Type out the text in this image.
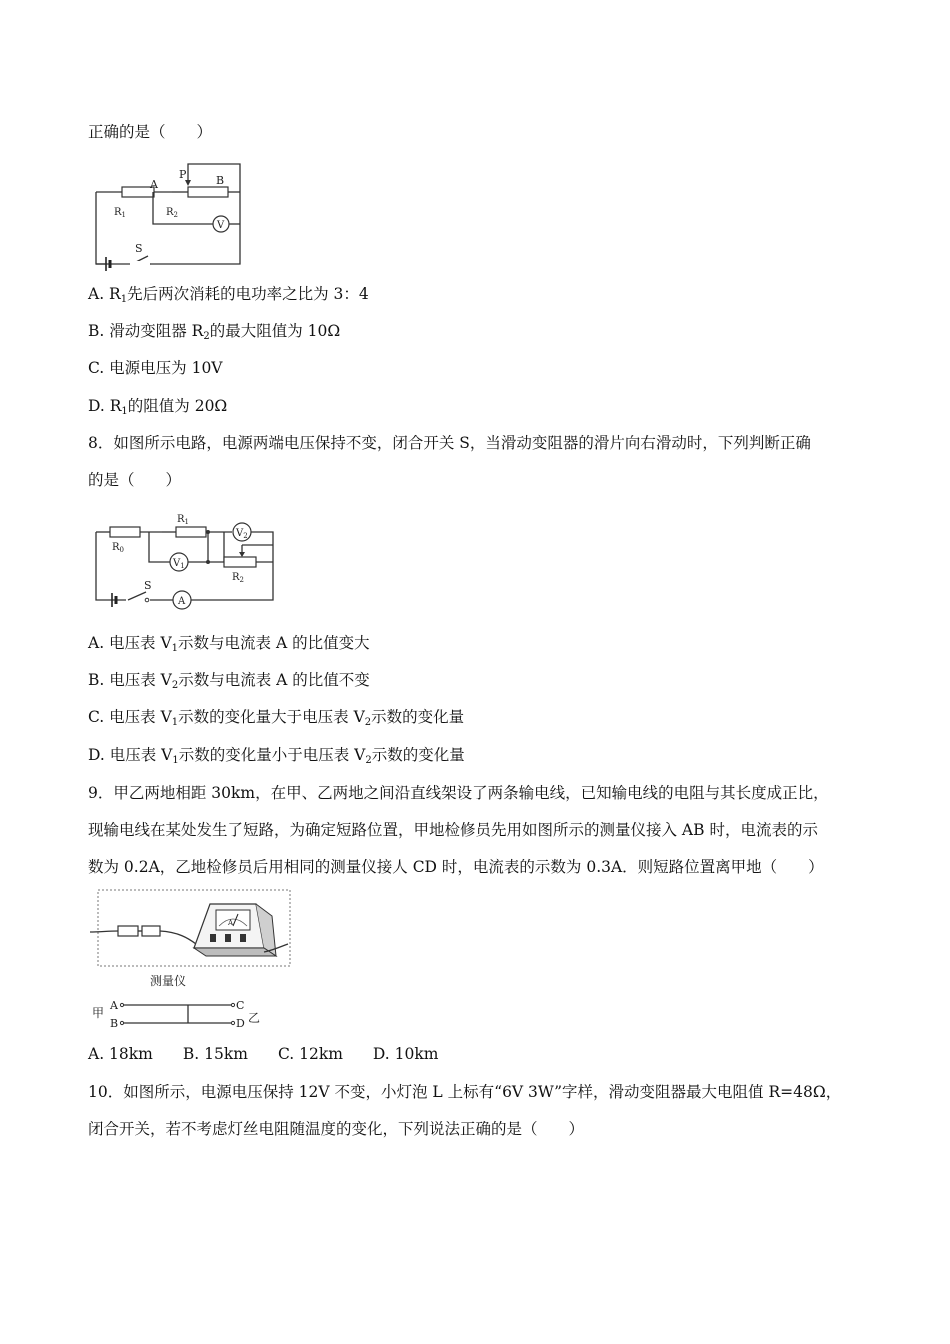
正确的是（　　）
A
P	B
$R_1$	$R_2$
V
S
A. $R_1$先后两次消耗的电功率之比为 3：4
B. 滑动变阻器 $R_2$的最大阻值为 10Ω
C. 电源电压为 10V
D. $R_1$的阻值为 20Ω
8．如图所示电路，电源两端电压保持不变，闭合开关 S，当滑动变阻器的滑片向右滑动时，下列判断正确
的是（　　）
$R_0$
$R_1$
$V_2$
$V_1$
$R_2$
S
A
A. 电压表 $V_1$示数与电流表 A 的比值变大
B. 电压表 $V_2$示数与电流表 A 的比值不变
C. 电压表 $V_1$示数的变化量大于电压表 $V_2$示数的变化量
D. 电压表 $V_1$示数的变化量小于电压表 $V_2$示数的变化量
9．甲乙两地相距 30km，在甲、乙两地之间沿直线架设了两条输电线，已知输电线的电阻与其长度成正比，
现输电线在某处发生了短路，为确定短路位置，甲地检修员先用如图所示的测量仪接入 AB 时，电流表的示
数为 0.2A，乙地检修员后用相同的测量仪接人 CD 时，电流表的示数为 0.3A．则短路位置离甲地（　　）
A
测量仪
甲
A
B
C
D 乙
A. 18km B. 15km C. 12km D. 10km
10．如图所示，电源电压保持 12V 不变，小灯泡 L 上标有“6V 3W”字样，滑动变阻器最大电阻值 R=48Ω，
闭合开关，若不考虑灯丝电阻随温度的变化，下列说法正确的是（　　）
